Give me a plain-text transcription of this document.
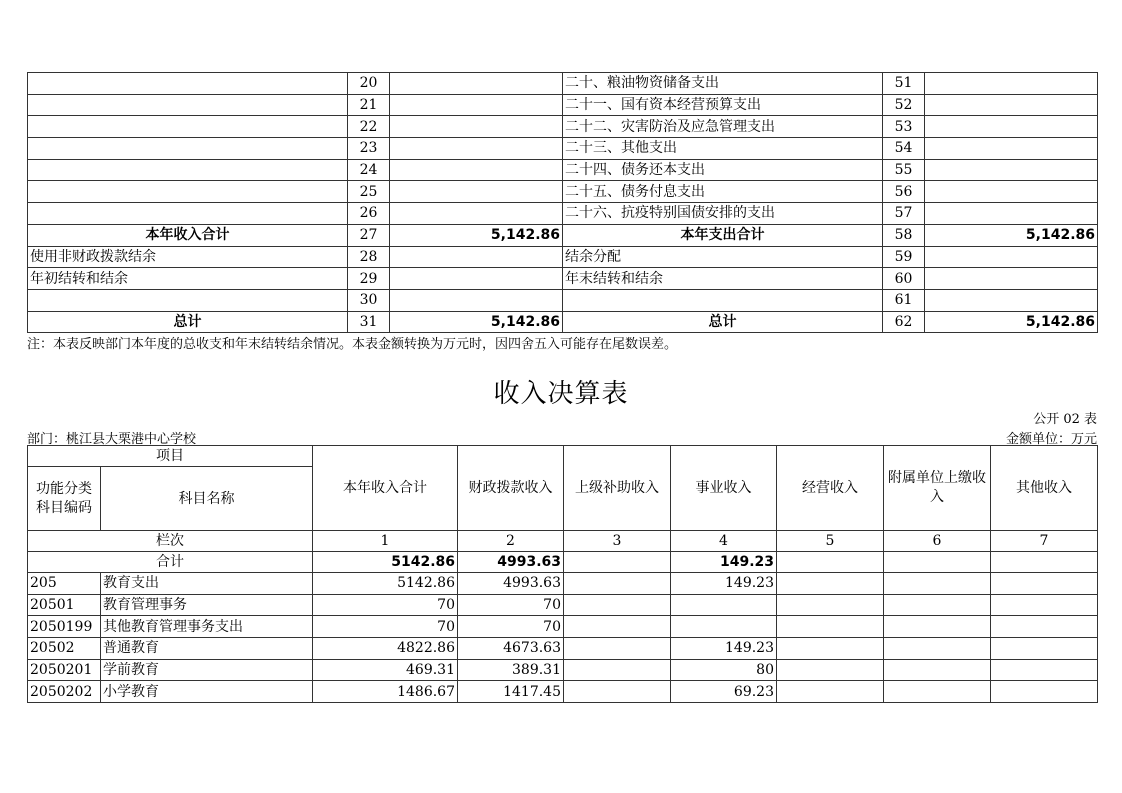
	20		二十、粮油物资储备支出	51	
	21		二十一、国有资本经营预算支出	52	
	22		二十二、灾害防治及应急管理支出	53	
	23		二十三、其他支出	54	
	24		二十四、债务还本支出	55	
	25		二十五、债务付息支出	56	
	26		二十六、抗疫特别国债安排的支出	57	
本年收入合计	27	5,142.86	本年支出合计	58	5,142.86
使用非财政拨款结余	28		结余分配	59	
年初结转和结余	29		年末结转和结余	60	
	30			61	
总计	31	5,142.86	总计	62	5,142.86
注：本表反映部门本年度的总收支和年末结转结余情况。本表金额转换为万元时，因四舍五入可能存在尾数误差。
收入决算表
公开 02 表
部门：桃江县大栗港中心学校	金额单位：万元
项目		本年收入合计	财政拨款收入	上级补助收入	事业收入	经营收入	附属单位上缴收入	其他收入
功能分类科目编码	科目名称							
栏次		1	2	3	4	5	6	7
合计		5142.86	4993.63		149.23			
205	教育支出	5142.86	4993.63		149.23			
20501	教育管理事务	70	70					
2050199	其他教育管理事务支出	70	70					
20502	普通教育	4822.86	4673.63		149.23			
2050201	学前教育	469.31	389.31		80			
2050202	小学教育	1486.67	1417.45		69.23			
